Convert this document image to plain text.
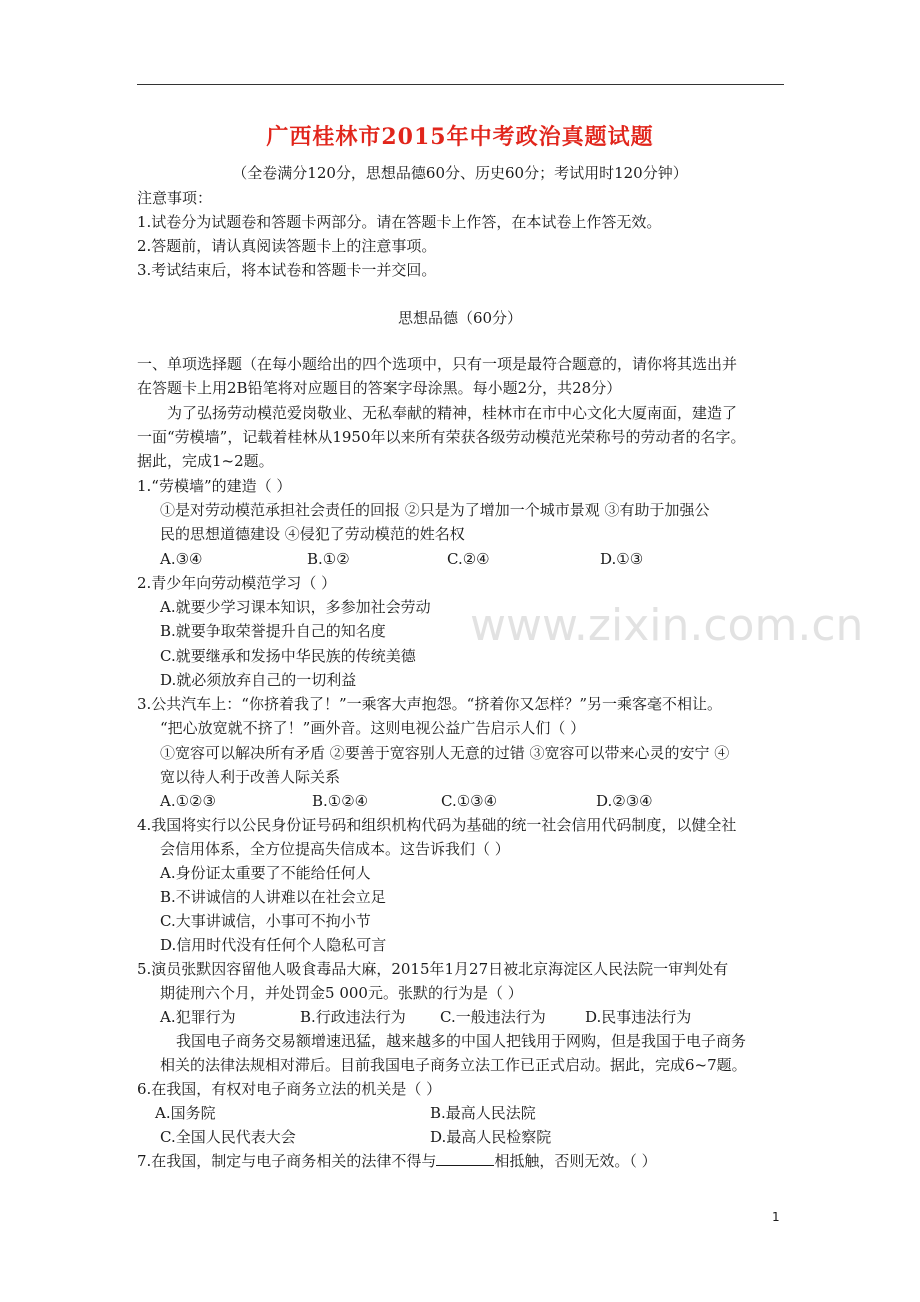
广西桂林市2015年中考政治真题试题
（全卷满分120分，思想品德60分、历史60分；考试用时120分钟）
注意事项：
1.试卷分为试题卷和答题卡两部分。请在答题卡上作答，在本试卷上作答无效。
2.答题前，请认真阅读答题卡上的注意事项。
3.考试结束后，将本试卷和答题卡一并交回。
思想品德（60分）
一、单项选择题（在每小题给出的四个选项中，只有一项是最符合题意的，请你将其选出并
在答题卡上用2B铅笔将对应题目的答案字母涂黑。每小题2分，共28分）
为了弘扬劳动模范爱岗敬业、无私奉献的精神，桂林市在市中心文化大厦南面，建造了
一面“劳模墙”，记载着桂林从1950年以来所有荣获各级劳动模范光荣称号的劳动者的名字。
据此，完成1~2题。
1.“劳模墙”的建造（ ）
①是对劳动模范承担社会责任的回报 ②只是为了增加一个城市景观 ③有助于加强公
民的思想道德建设 ④侵犯了劳动模范的姓名权
A.③④	B.①②	C.②④	D.①③
2.青少年向劳动模范学习（ ）
A.就要少学习课本知识，多参加社会劳动
B.就要争取荣誉提升自己的知名度
C.就要继承和发扬中华民族的传统美德
D.就必须放弃自己的一切利益
www.zixin.com.cn
3.公共汽车上：“你挤着我了！”一乘客大声抱怨。“挤着你又怎样？”另一乘客毫不相让。
“把心放宽就不挤了！”画外音。这则电视公益广告启示人们（ ）
①宽容可以解决所有矛盾 ②要善于宽容别人无意的过错 ③宽容可以带来心灵的安宁 ④
宽以待人利于改善人际关系
A.①②③	B.①②④	C.①③④	D.②③④
4.我国将实行以公民身份证号码和组织机构代码为基础的统一社会信用代码制度，以健全社
会信用体系，全方位提高失信成本。这告诉我们（ ）
A.身份证太重要了不能给任何人
B.不讲诚信的人讲难以在社会立足
C.大事讲诚信，小事可不拘小节
D.信用时代没有任何个人隐私可言
5.演员张默因容留他人吸食毒品大麻，2015年1月27日被北京海淀区人民法院一审判处有
期徒刑六个月，并处罚金5 000元。张默的行为是（ ）
A.犯罪行为	B.行政违法行为 C.一般违法行为	D.民事违法行为
我国电子商务交易额增速迅猛，越来越多的中国人把钱用于网购，但是我国于电子商务
相关的法律法规相对滞后。目前我国电子商务立法工作已正式启动。据此，完成6~7题。
6.在我国，有权对电子商务立法的机关是（ ）
A.国务院	B.最高人民法院
C.全国人民代表大会	D.最高人民检察院
7.在我国，制定与电子商务相关的法律不得与	相抵触，否则无效。（ ）
1
